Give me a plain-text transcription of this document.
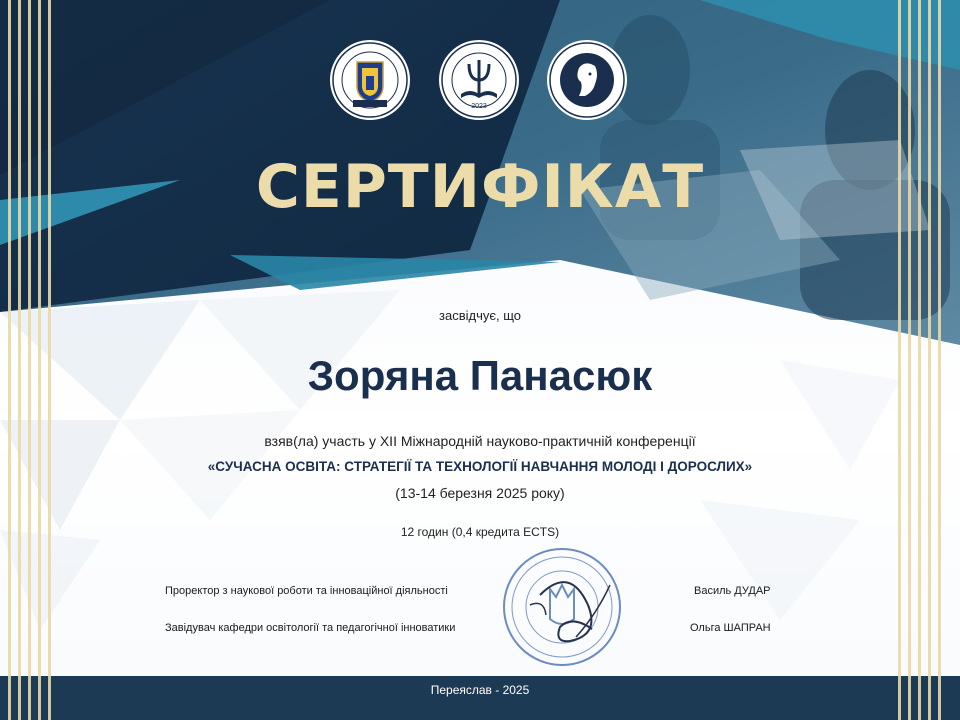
2023
СЕРТИФІКАТ
засвідчує, що
Зоряна Панасюк
взяв(ла) участь у XII Міжнародній науково-практичній конференції
«СУЧАСНА ОСВІТА: СТРАТЕГІЇ ТА ТЕХНОЛОГІЇ НАВЧАННЯ МОЛОДІ І ДОРОСЛИХ»
(13-14 березня 2025 року)
12 годин (0,4 кредита ECTS)
Проректор з наукової роботи та інноваційної діяльності	Василь ДУДАР
Завідувач кафедри освітології та педагогічної інноватики	Ольга ШАПРАН
Переяслав - 2025
